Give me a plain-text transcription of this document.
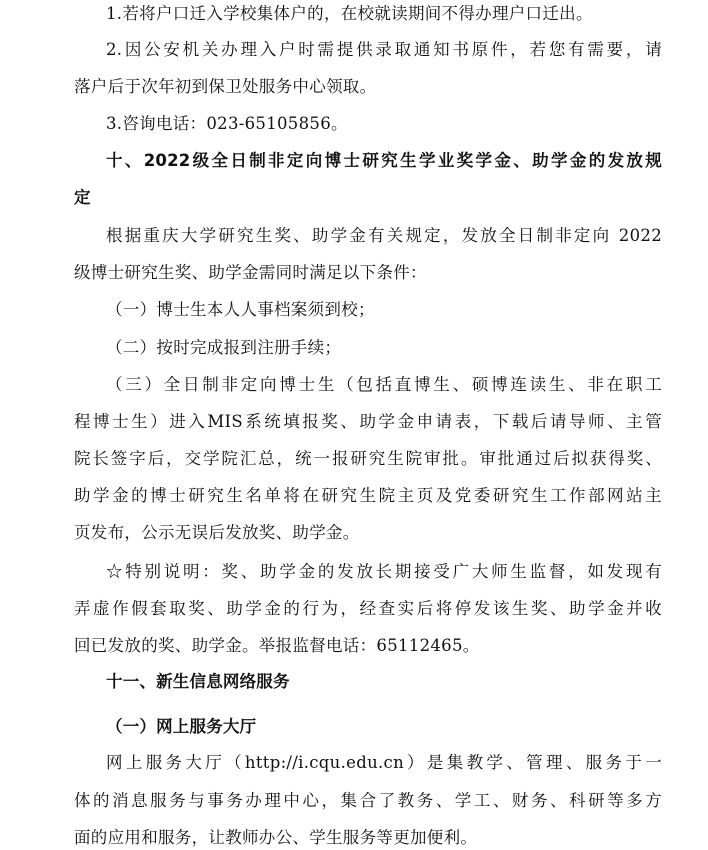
1.若将户口迁入学校集体户的，在校就读期间不得办理户口迁出。
2.因公安机关办理入户时需提供录取通知书原件，若您有需要，请
落户后于次年初到保卫处服务中心领取。
3.咨询电话：023-65105856。
十、2022级全日制非定向博士研究生学业奖学金、助学金的发放规
定
根据重庆大学研究生奖、助学金有关规定，发放全日制非定向 2022
级博士研究生奖、助学金需同时满足以下条件：
（一）博士生本人人事档案须到校；
（二）按时完成报到注册手续；
（三）全日制非定向博士生（包括直博生、硕博连读生、非在职工
程博士生）进入MIS系统填报奖、助学金申请表，下载后请导师、主管
院长签字后，交学院汇总，统一报研究生院审批。审批通过后拟获得奖、
助学金的博士研究生名单将在研究生院主页及党委研究生工作部网站主
页发布，公示无误后发放奖、助学金。
☆特别说明：奖、助学金的发放长期接受广大师生监督，如发现有
弄虚作假套取奖、助学金的行为，经查实后将停发该生奖、助学金并收
回已发放的奖、助学金。举报监督电话：65112465。
十一、新生信息网络服务
（一）网上服务大厅
网上服务大厅（http://i.cqu.edu.cn）是集教学、管理、服务于一
体的消息服务与事务办理中心，集合了教务、学工、财务、科研等多方
面的应用和服务，让教师办公、学生服务等更加便利。
